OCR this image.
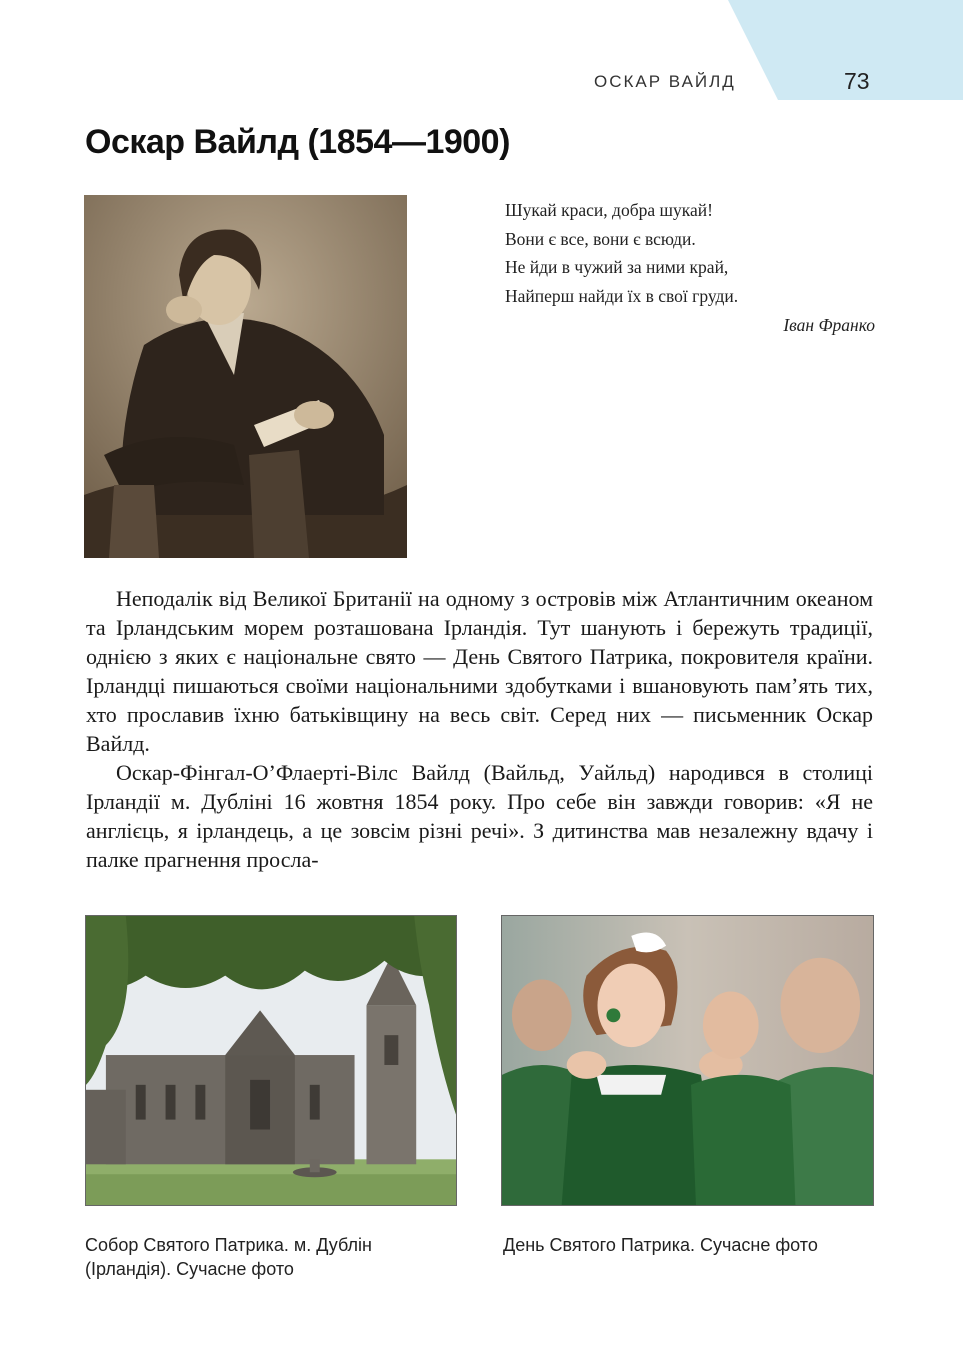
ОСКАР ВАЙЛД	73
Оскар Вайлд (1854—1900)
Шукай краси, добра шукай!
Вони є все, вони є всюди.
Не йди в чужий за ними край,
Найперш найди їх в свої груди.
Іван Франко

Неподалік від Великої Британії на одному з островів між Атлантичним океаном та Ірландським морем розташована Ірландія. Тут шанують і бережуть традиції, однією з яких є національне свято — День Святого Патрика, покровителя країни. Ірландці пишаються своїми національними здобутками і вшановують пам’ять тих, хто прославив їхню батьківщину на весь світ. Серед них — письменник Оскар Вайлд.

Оскар-Фінгал-О’Флаерті-Вілс Вайлд (Вайльд, Уайльд) народився в столиці Ірландії м. Дубліні 16 жовтня 1854 року. Про себе він завжди говорив: «Я не англієць, я ірландець, а це зовсім різні речі». З дитинства мав незалежну вдачу і палке прагнення просла-

Собор Святого Патрика. м. Дублін
(Ірландія). Сучасне фото
День Святого Патрика. Сучасне фото
